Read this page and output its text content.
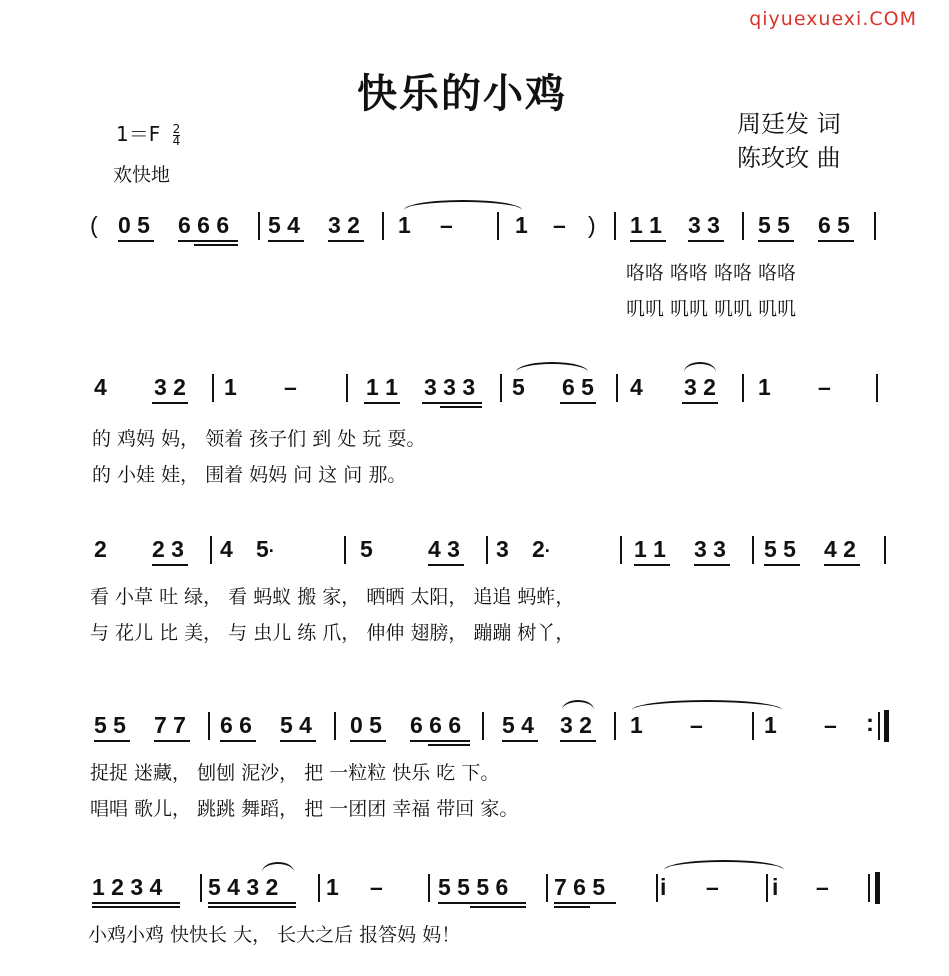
qiyuexuexi.COM
快乐的小鸡
周廷发 词
陈玫玫 曲
$1=F \frac{2}{4}$
欢快地
( 0 5 6 6 6 5 4 3 2 1 –	1 – ) 1 1 3 3 5 5 6 5
咯咯 咯咯 咯咯 咯咯
叽叽 叽叽 叽叽 叽叽
4 3 2 1 –	1 1 3 3 3 5 6 5 4 3 2 1 –
的 鸡妈 妈， 领着 孩子们 到 处 玩 耍。
的 小娃 娃， 围着 妈妈 问 这 问 那。
2 2 3 4 5·	5 4 3 3 2·	1 1 3 3 5 5 4 2
看 小草 吐 绿， 看 蚂蚁 搬 家， 晒晒 太阳， 追追 蚂蚱，
与 花儿 比 美， 与 虫儿 练 爪， 伸伸 翅膀， 蹦蹦 树丫，
5 5 7 7 6 6 5 4 0 5 6 6 6 5 4 3 2 1 –	1 – :
捉捉 迷藏， 刨刨 泥沙， 把 一粒粒 快乐 吃 下。
唱唱 歌儿， 跳跳 舞蹈， 把 一团团 幸福 带回 家。
1 2 3 4 5 4 3 2 1 – 5 5 5 6 7 6 5 i – i –
小鸡小鸡 快快长 大， 长大之后 报答妈 妈！
